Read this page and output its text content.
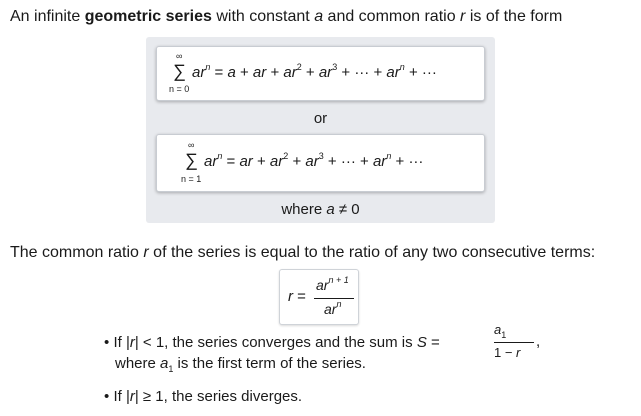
An infinite geometric series with constant a and common ratio r is of the form
∞
∑
n = 0
$ar^n = a$ + ar + $ar^2 + ar^3$ + ··· + $ar^n$ + ···
or
∞
∑
n = 1
$ar^n$ = ar + $ar^2 + ar^3$ + ··· + $ar^n$ + ···
where a ≠ 0
The common ratio r of the series is equal to the ratio of any two consecutive terms:
r =
$ar^{n + 1}$
$ar^n$
• If |r| < 1, the series converges and the sum is S =
$a_1$
1 − r
,
where $a_1$ is the first term of the series.
• If |r| ≥ 1, the series diverges.
